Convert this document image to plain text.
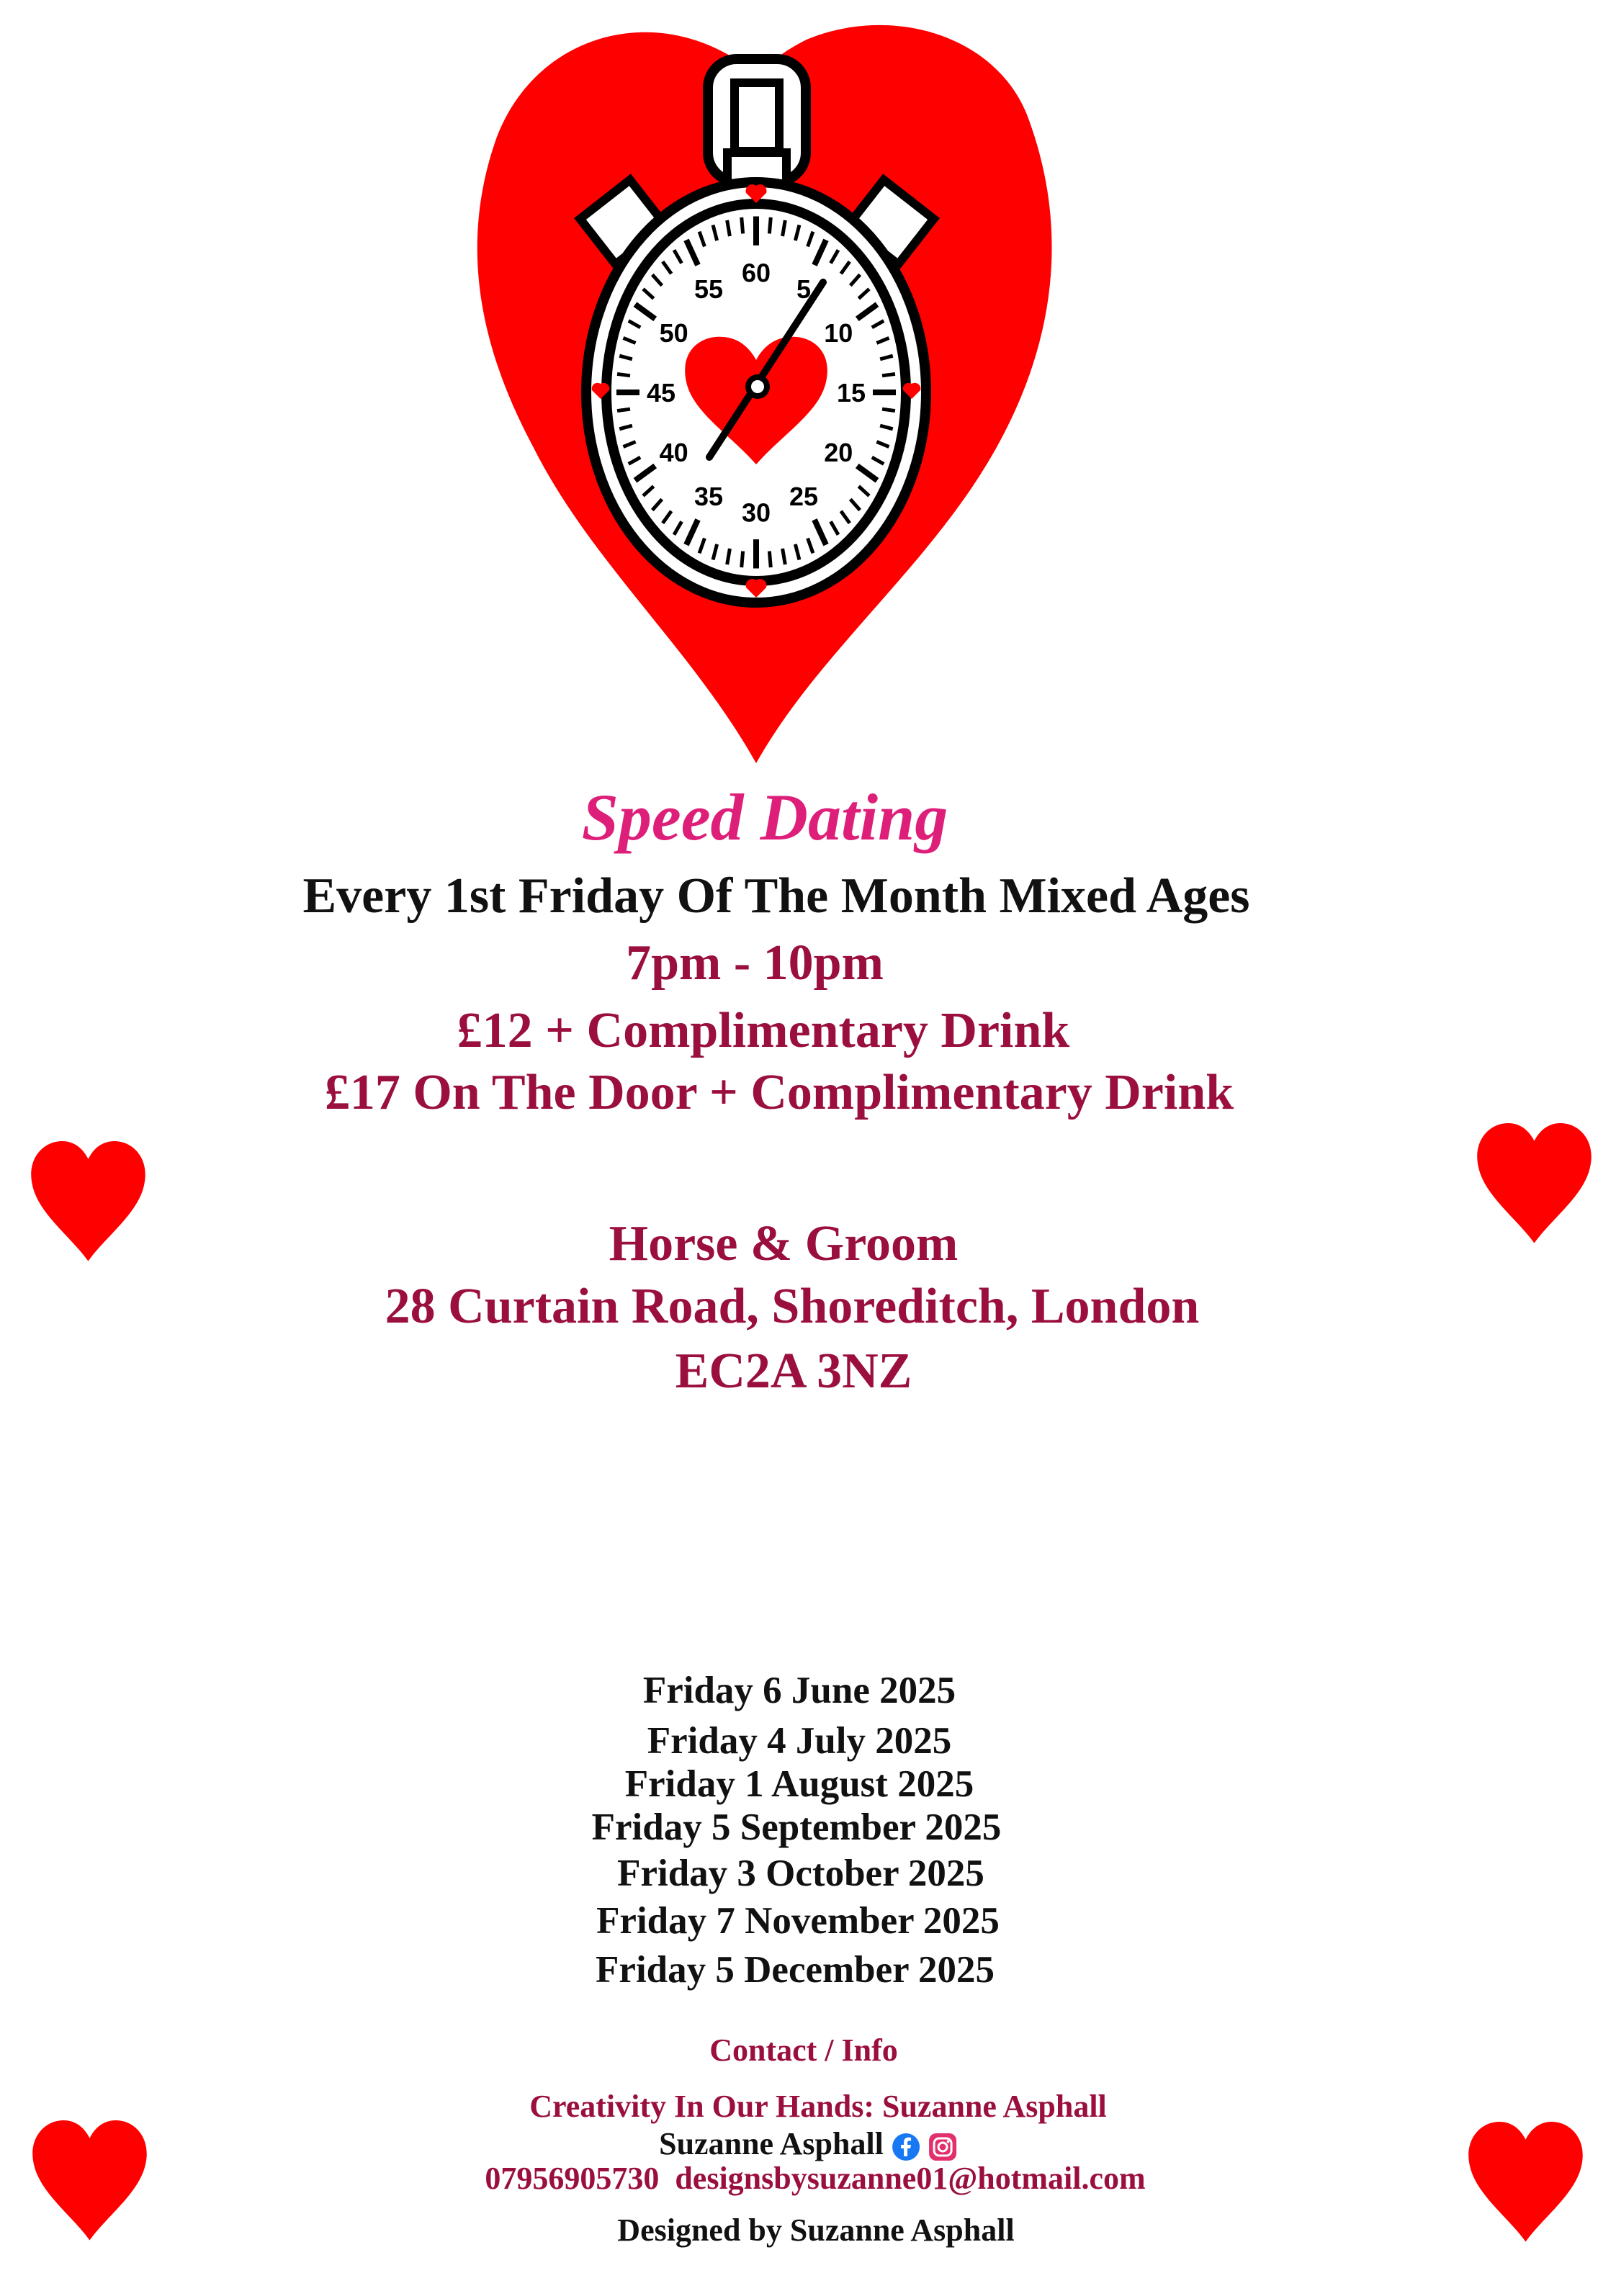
60
5
10
15
20
25
30
35
40
45
50
55
Speed Dating
Every 1st Friday Of The Month Mixed Ages
7pm - 10pm
£12 + Complimentary Drink
£17 On The Door + Complimentary Drink
Horse & Groom
28 Curtain Road, Shoreditch, London
EC2A 3NZ
Friday 6 June 2025
Friday 4 July 2025
Friday 1 August 2025
Friday 5 September 2025
Friday 3 October 2025
Friday 7 November 2025
Friday 5 December 2025
Contact / Info
Creativity In Our Hands: Suzanne Asphall
Suzanne Asphall
07956905730 designsbysuzanne01@hotmail.com
Designed by Suzanne Asphall
